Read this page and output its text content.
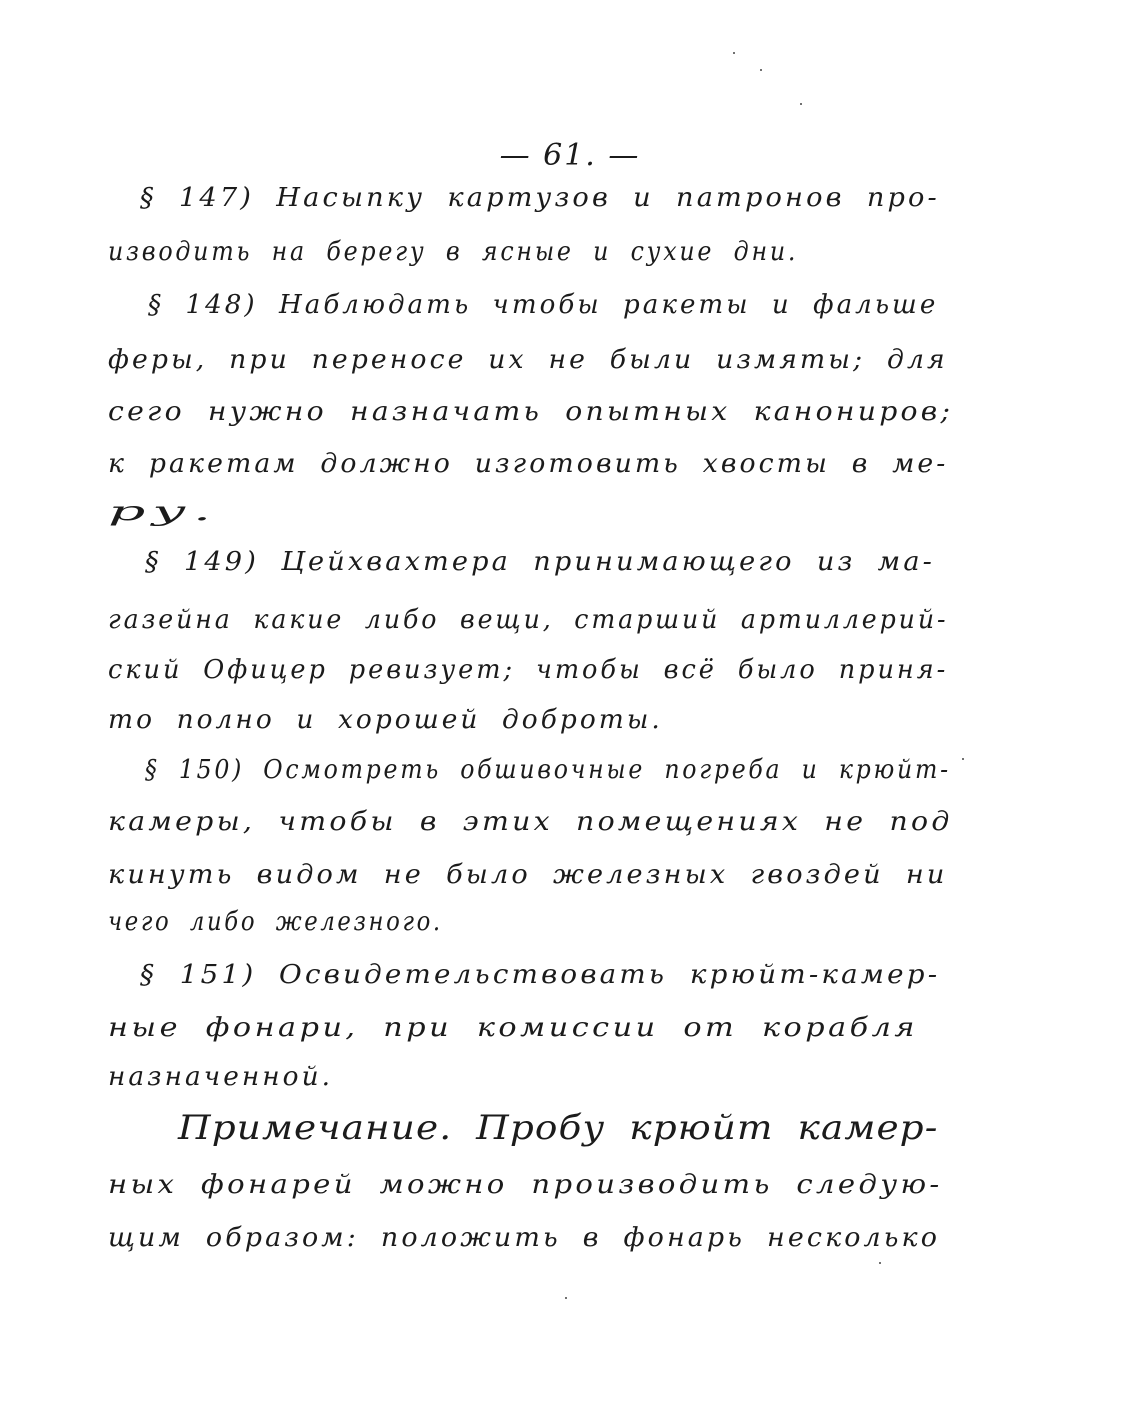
— 61. —
§ 147) Насыпку картузов и патронов про-
изводить на берегу в ясные и сухие дни.
§ 148) Наблюдать чтобы ракеты и фальше
феры, при переносе их не были измяты; для
сего нужно назначать опытных канониров;
к ракетам должно изготовить хвосты в ме-
ру.
§ 149) Цейхвахтера принимающего из ма-
газейна какие либо вещи, старший артиллерий-
ский Офицер ревизует; чтобы всё было приня-
то полно и хорошей доброты.
§ 150) Осмотреть обшивочные погреба и крюйт-
камеры, чтобы в этих помещениях не под
кинуть видом не было железных гвоздей ни
чего либо железного.
§ 151) Освидетельствовать крюйт-камер-
ные фонари, при комиссии от корабля
назначенной.
Примечание. Пробу крюйт камер-
ных фонарей можно производить следую-
щим образом: положить в фонарь несколько
